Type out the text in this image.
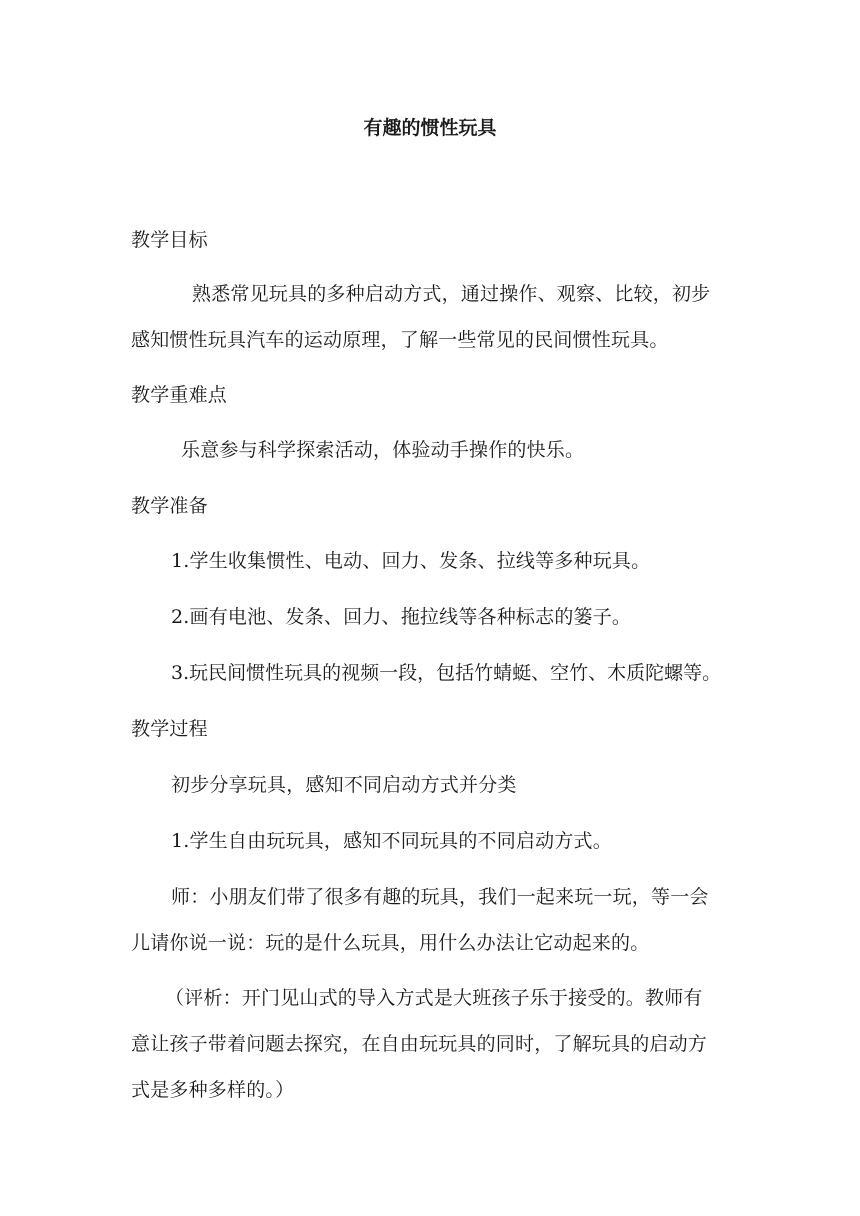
有趣的惯性玩具
教学目标
熟悉常见玩具的多种启动方式，通过操作、观察、比较，初步
感知惯性玩具汽车的运动原理，了解一些常见的民间惯性玩具。
教学重难点
乐意参与科学探索活动，体验动手操作的快乐。
教学准备
1.学生收集惯性、电动、回力、发条、拉线等多种玩具。
2.画有电池、发条、回力、拖拉线等各种标志的篓子。
3.玩民间惯性玩具的视频一段，包括竹蜻蜓、空竹、木质陀螺等。
教学过程
初步分享玩具，感知不同启动方式并分类
1.学生自由玩玩具，感知不同玩具的不同启动方式。
师：小朋友们带了很多有趣的玩具，我们一起来玩一玩，等一会
儿请你说一说：玩的是什么玩具，用什么办法让它动起来的。
（评析：开门见山式的导入方式是大班孩子乐于接受的。教师有
意让孩子带着问题去探究，在自由玩玩具的同时，了解玩具的启动方
式是多种多样的。）
